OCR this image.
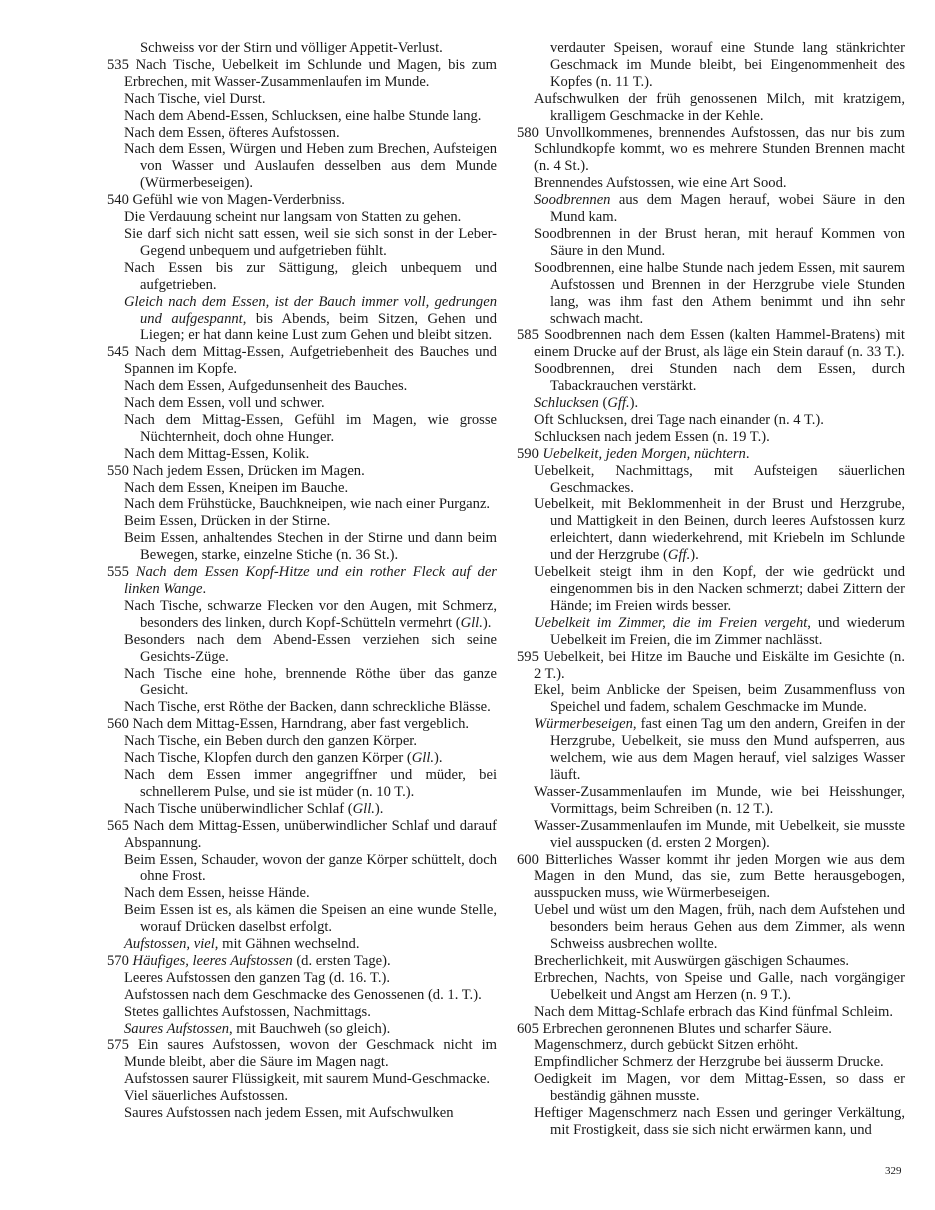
Schweiss vor der Stirn und völliger Appetit-Verlust.
535 Nach Tische, Uebelkeit im Schlunde und Magen, bis zum Erbrechen, mit Wasser-Zusammenlaufen im Munde.
Nach Tische, viel Durst.
Nach dem Abend-Essen, Schlucksen, eine halbe Stunde lang.
Nach dem Essen, öfteres Aufstossen.
Nach dem Essen, Würgen und Heben zum Brechen, Aufsteigen von Wasser und Auslaufen desselben aus dem Munde (Würmerbeseigen).
540 Gefühl wie von Magen-Verderbniss.
Die Verdauung scheint nur langsam von Statten zu gehen.
Sie darf sich nicht satt essen, weil sie sich sonst in der Leber-Gegend unbequem und aufgetrieben fühlt.
Nach Essen bis zur Sättigung, gleich unbequem und aufgetrieben.
Gleich nach dem Essen, ist der Bauch immer voll, gedrungen und aufgespannt, bis Abends, beim Sitzen, Gehen und Liegen; er hat dann keine Lust zum Gehen und bleibt sitzen.
545 Nach dem Mittag-Essen, Aufgetriebenheit des Bauches und Spannen im Kopfe.
Nach dem Essen, Aufgedunsenheit des Bauches.
Nach dem Essen, voll und schwer.
Nach dem Mittag-Essen, Gefühl im Magen, wie grosse Nüchternheit, doch ohne Hunger.
Nach dem Mittag-Essen, Kolik.
550 Nach jedem Essen, Drücken im Magen.
Nach dem Essen, Kneipen im Bauche.
Nach dem Frühstücke, Bauchkneipen, wie nach einer Purganz.
Beim Essen, Drücken in der Stirne.
Beim Essen, anhaltendes Stechen in der Stirne und dann beim Bewegen, starke, einzelne Stiche (n. 36 St.).
555 Nach dem Essen Kopf-Hitze und ein rother Fleck auf der linken Wange.
Nach Tische, schwarze Flecken vor den Augen, mit Schmerz, besonders des linken, durch Kopf-Schütteln vermehrt (Gll.).
Besonders nach dem Abend-Essen verziehen sich seine Gesichts-Züge.
Nach Tische eine hohe, brennende Röthe über das ganze Gesicht.
Nach Tische, erst Röthe der Backen, dann schreckliche Blässe.
560 Nach dem Mittag-Essen, Harndrang, aber fast vergeblich.
Nach Tische, ein Beben durch den ganzen Körper.
Nach Tische, Klopfen durch den ganzen Körper (Gll.).
Nach dem Essen immer angegriffner und müder, bei schnellerem Pulse, und sie ist müder (n. 10 T.).
Nach Tische unüberwindlicher Schlaf (Gll.).
565 Nach dem Mittag-Essen, unüberwindlicher Schlaf und darauf Abspannung.
Beim Essen, Schauder, wovon der ganze Körper schüttelt, doch ohne Frost.
Nach dem Essen, heisse Hände.
Beim Essen ist es, als kämen die Speisen an eine wunde Stelle, worauf Drücken daselbst erfolgt.
Aufstossen, viel, mit Gähnen wechselnd.
570 Häufiges, leeres Aufstossen (d. ersten Tage).
Leeres Aufstossen den ganzen Tag (d. 16. T.).
Aufstossen nach dem Geschmacke des Genossenen (d. 1. T.).
Stetes gallichtes Aufstossen, Nachmittags.
Saures Aufstossen, mit Bauchweh (so gleich).
575 Ein saures Aufstossen, wovon der Geschmack nicht im Munde bleibt, aber die Säure im Magen nagt.
Aufstossen saurer Flüssigkeit, mit saurem Mund-Geschmacke.
Viel säuerliches Aufstossen.
Saures Aufstossen nach jedem Essen, mit Aufschwulken
verdauter Speisen, worauf eine Stunde lang stänkrichter Geschmack im Munde bleibt, bei Eingenommenheit des Kopfes (n. 11 T.).
Aufschwulken der früh genossenen Milch, mit kratzigem, kralligem Geschmacke in der Kehle.
580 Unvollkommenes, brennendes Aufstossen, das nur bis zum Schlundkopfe kommt, wo es mehrere Stunden Brennen macht (n. 4 St.).
Brennendes Aufstossen, wie eine Art Sood.
Soodbrennen aus dem Magen herauf, wobei Säure in den Mund kam.
Soodbrennen in der Brust heran, mit herauf Kommen von Säure in den Mund.
Soodbrennen, eine halbe Stunde nach jedem Essen, mit saurem Aufstossen und Brennen in der Herzgrube viele Stunden lang, was ihm fast den Athem benimmt und ihn sehr schwach macht.
585 Soodbrennen nach dem Essen (kalten Hammel-Bratens) mit einem Drucke auf der Brust, als läge ein Stein darauf (n. 33 T.).
Soodbrennen, drei Stunden nach dem Essen, durch Tabackrauchen verstärkt.
Schlucksen (Gff.).
Oft Schlucksen, drei Tage nach einander (n. 4 T.).
Schlucksen nach jedem Essen (n. 19 T.).
590 Uebelkeit, jeden Morgen, nüchtern.
Uebelkeit, Nachmittags, mit Aufsteigen säuerlichen Geschmackes.
Uebelkeit, mit Beklommenheit in der Brust und Herzgrube, und Mattigkeit in den Beinen, durch leeres Aufstossen kurz erleichtert, dann wiederkehrend, mit Kriebeln im Schlunde und der Herzgrube (Gff.).
Uebelkeit steigt ihm in den Kopf, der wie gedrückt und eingenommen bis in den Nacken schmerzt; dabei Zittern der Hände; im Freien wirds besser.
Uebelkeit im Zimmer, die im Freien vergeht, und wiederum Uebelkeit im Freien, die im Zimmer nachlässt.
595 Uebelkeit, bei Hitze im Bauche und Eiskälte im Gesichte (n. 2 T.).
Ekel, beim Anblicke der Speisen, beim Zusammenfluss von Speichel und fadem, schalem Geschmacke im Munde.
Würmerbeseigen, fast einen Tag um den andern, Greifen in der Herzgrube, Uebelkeit, sie muss den Mund aufsperren, aus welchem, wie aus dem Magen herauf, viel salziges Wasser läuft.
Wasser-Zusammenlaufen im Munde, wie bei Heisshunger, Vormittags, beim Schreiben (n. 12 T.).
Wasser-Zusammenlaufen im Munde, mit Uebelkeit, sie musste viel ausspucken (d. ersten 2 Morgen).
600 Bitterliches Wasser kommt ihr jeden Morgen wie aus dem Magen in den Mund, das sie, zum Bette herausgebogen, ausspucken muss, wie Würmerbeseigen.
Uebel und wüst um den Magen, früh, nach dem Aufstehen und besonders beim heraus Gehen aus dem Zimmer, als wenn Schweiss ausbrechen wollte.
Brecherlichkeit, mit Auswürgen gäschigen Schaumes.
Erbrechen, Nachts, von Speise und Galle, nach vorgängiger Uebelkeit und Angst am Herzen (n. 9 T.).
Nach dem Mittag-Schlafe erbrach das Kind fünfmal Schleim.
605 Erbrechen geronnenen Blutes und scharfer Säure.
Magenschmerz, durch gebückt Sitzen erhöht.
Empfindlicher Schmerz der Herzgrube bei äusserm Drucke.
Oedigkeit im Magen, vor dem Mittag-Essen, so dass er beständig gähnen musste.
Heftiger Magenschmerz nach Essen und geringer Verkältung, mit Frostigkeit, dass sie sich nicht erwärmen kann, und
329
